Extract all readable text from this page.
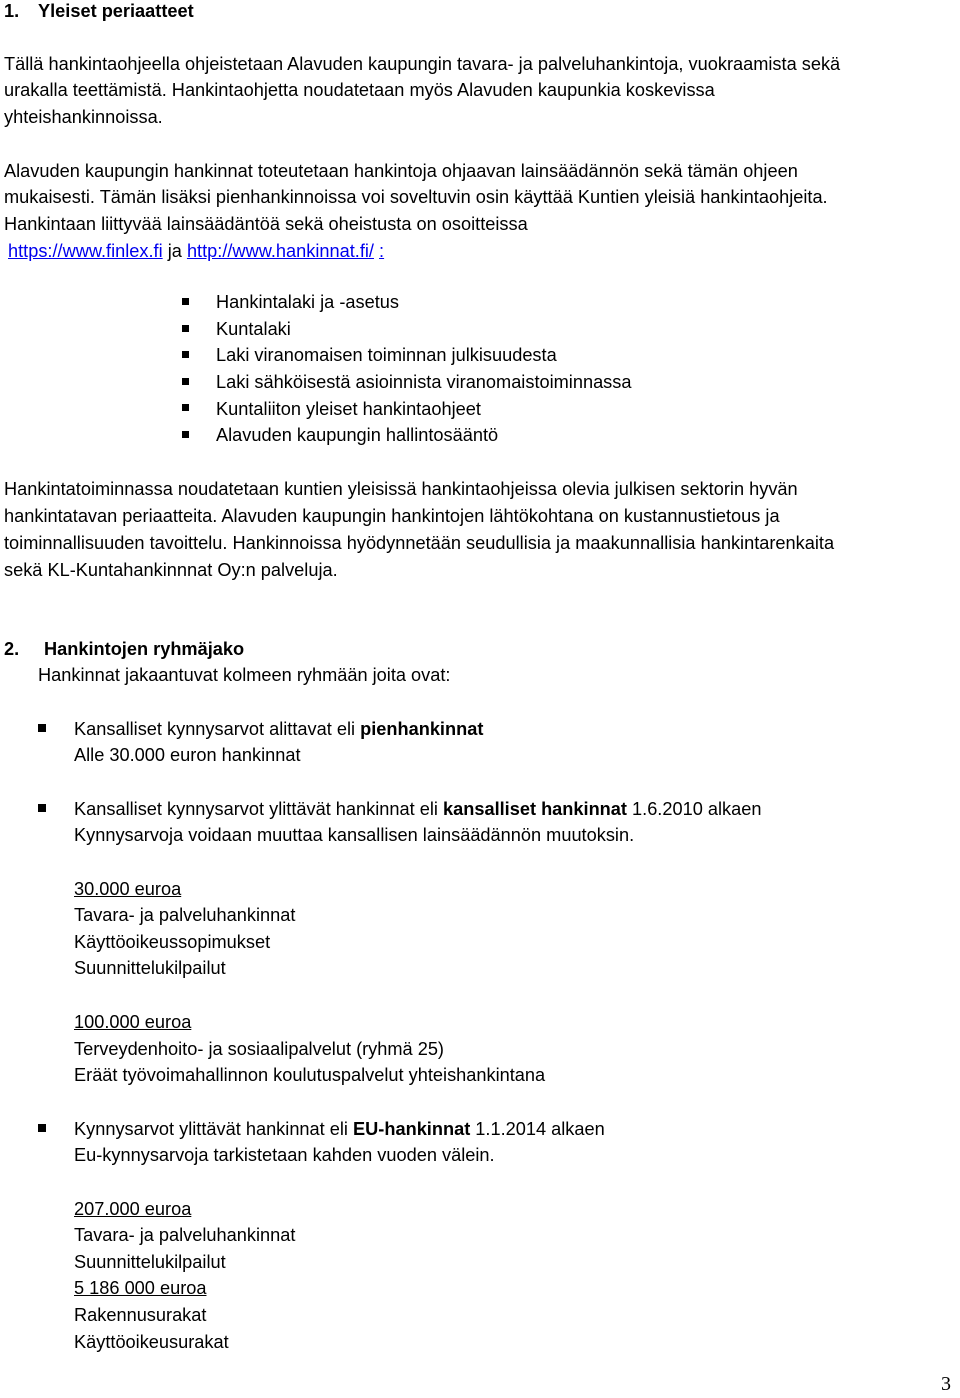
1. Yleiset periaatteet
Tällä hankintaohjeella ohjeistetaan Alavuden kaupungin tavara- ja palveluhankintoja, vuokraamista sekä
urakalla teettämistä. Hankintaohjetta noudatetaan myös Alavuden kaupunkia koskevissa
yhteishankinnoissa.
Alavuden kaupungin hankinnat toteutetaan hankintoja ohjaavan lainsäädännön sekä tämän ohjeen
mukaisesti. Tämän lisäksi pienhankinnoissa voi soveltuvin osin käyttää Kuntien yleisiä hankintaohjeita.
Hankintaan liittyvää lainsäädäntöä sekä oheistusta on osoitteissa
https://www.finlex.fi ja http://www.hankinnat.fi/ :
Hankintalaki ja -asetus
Kuntalaki
Laki viranomaisen toiminnan julkisuudesta
Laki sähköisestä asioinnista viranomaistoiminnassa
Kuntaliiton yleiset hankintaohjeet
Alavuden kaupungin hallintosääntö
Hankintatoiminnassa noudatetaan kuntien yleisissä hankintaohjeissa olevia julkisen sektorin hyvän
hankintatavan periaatteita. Alavuden kaupungin hankintojen lähtökohtana on kustannustietous ja
toiminnallisuuden tavoittelu. Hankinnoissa hyödynnetään seudullisia ja maakunnallisia hankintarenkaita
sekä KL-Kuntahankinnnat Oy:n palveluja.
2. Hankintojen ryhmäjako
Hankinnat jakaantuvat kolmeen ryhmään joita ovat:
Kansalliset kynnysarvot alittavat eli pienhankinnat
Alle 30.000 euron hankinnat
Kansalliset kynnysarvot ylittävät hankinnat eli kansalliset hankinnat 1.6.2010 alkaen
Kynnysarvoja voidaan muuttaa kansallisen lainsäädännön muutoksin.
30.000 euroa
Tavara- ja palveluhankinnat
Käyttöoikeussopimukset
Suunnittelukilpailut
100.000 euroa
Terveydenhoito- ja sosiaalipalvelut (ryhmä 25)
Eräät työvoimahallinnon koulutuspalvelut yhteishankintana
Kynnysarvot ylittävät hankinnat eli EU-hankinnat 1.1.2014 alkaen
Eu-kynnysarvoja tarkistetaan kahden vuoden välein.
207.000 euroa
Tavara- ja palveluhankinnat
Suunnittelukilpailut
5 186 000 euroa
Rakennusurakat
Käyttöoikeusurakat
3
